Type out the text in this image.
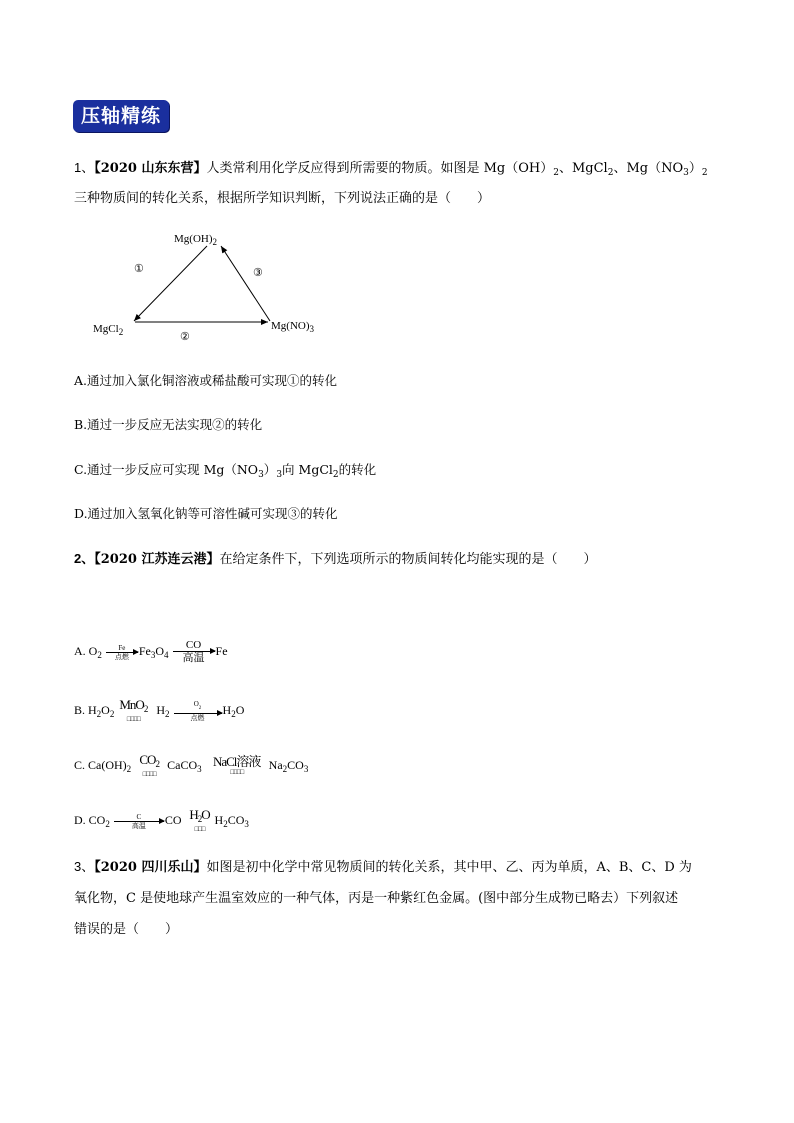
压轴精练
1、【2020 山东东营】人类常利用化学反应得到所需要的物质。如图是 $Mg(OH)_2$、MgCl$_2$、$Mg(NO_3)_2$
三种物质间的转化关系，根据所学知识判断，下列说法正确的是（　　）
$Mg(OH)_2$
MgCl$_2$	$Mg(NO)_3$
①
②
③
A.通过加入氯化铜溶液或稀盐酸可实现①的转化
B.通过一步反应无法实现②的转化
C.通过一步反应可实现 $Mg(NO_3)_3$向 MgCl$_2$的转化
D.通过加入氢氧化钠等可溶性碱可实现③的转化
2、【2020 江苏连云港】在给定条件下，下列选项所示的物质间转化均能实现的是（　　）
A. $O_2$
Fe
点燃 $Fe_3O_4$
CO
高温
Fe
B. $H_2O_2$
MnO$_2$
□□□□
$H_2$
$O_2$
点燃
$H_2O$
C. $Ca(OH)_2$
$CO_2$
□□□□
CaCO$_3$ NaCl溶液
□□□□
$Na_2CO_3$
D. $CO_2$
C
高温	CO $H_2O$
□□□
$H_2CO_3$
3、【2020 四川乐山】如图是初中化学中常见物质间的转化关系，其中甲、乙、丙为单质，A、B、C、D 为
氧化物，C 是使地球产生温室效应的一种气体，丙是一种紫红色金属。(图中部分生成物已略去）下列叙述
错误的是（　　）
